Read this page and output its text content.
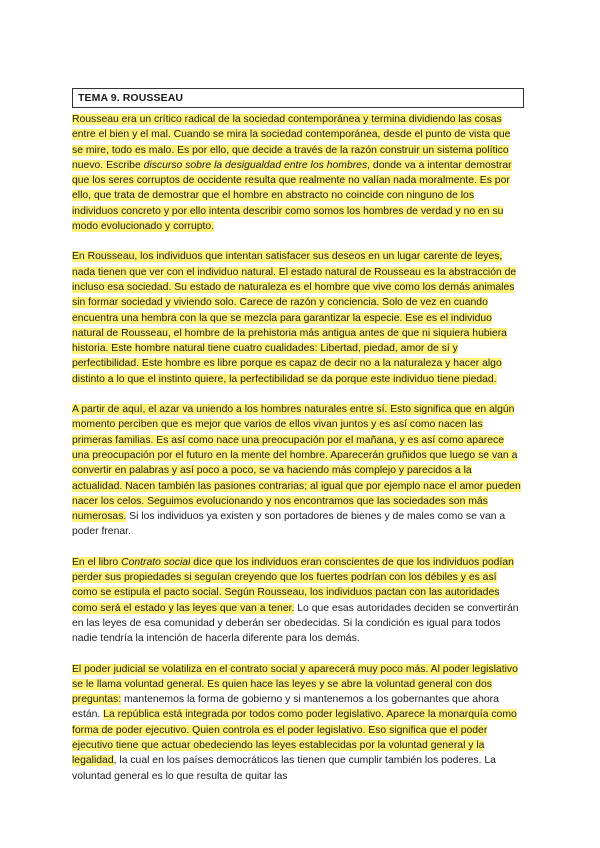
TEMA 9. ROUSSEAU

Rousseau era un crítico radical de la sociedad contemporánea y termina dividiendo las cosas entre el bien y el mal. Cuando se mira la sociedad contemporánea, desde el punto de vista que se mire, todo es malo. Es por ello, que decide a través de la razón construir un sistema político nuevo. Escribe discurso sobre la desigualdad entre los hombres, donde va a intentar demostrar que los seres corruptos de occidente resulta que realmente no valían nada moralmente. Es por ello, que trata de demostrar que el hombre en abstracto no coincide con ninguno de los individuos concreto y por ello intenta describir como somos los hombres de verdad y no en su modo evolucionado y corrupto.

En Rousseau, los individuos que intentan satisfacer sus deseos en un lugar carente de leyes, nada tienen que ver con el individuo natural. El estado natural de Rousseau es la abstracción de incluso esa sociedad. Su estado de naturaleza es el hombre que vive como los demás animales sin formar sociedad y viviendo solo. Carece de razón y conciencia. Solo de vez en cuando encuentra una hembra con la que se mezcla para garantizar la especie. Ese es el individuo natural de Rousseau, el hombre de la prehistoria más antigua antes de que ni siquiera hubiera historia. Este hombre natural tiene cuatro cualidades: Libertad, piedad, amor de sí y perfectibilidad. Este hombre es libre porque es capaz de decir no a la naturaleza y hacer algo distinto a lo que el instinto quiere, la perfectibilidad se da porque este individuo tiene piedad.

A partir de aquí, el azar va uniendo a los hombres naturales entre sí. Esto significa que en algún momento perciben que es mejor que varios de ellos vivan juntos y es así como nacen las primeras familias. Es así como nace una preocupación por el mañana, y es así como aparece una preocupación por el futuro en la mente del hombre. Aparecerán gruñidos que luego se van a convertir en palabras y así poco a poco, se va haciendo más complejo y parecidos a la actualidad. Nacen también las pasiones contrarias; al igual que por ejemplo nace el amor pueden nacer los celos. Seguimos evolucionando y nos encontramos que las sociedades son más numerosas. Si los individuos ya existen y son portadores de bienes y de males como se van a poder frenar.

En el libro Contrato social dice que los individuos eran conscientes de que los individuos podían perder sus propiedades si seguían creyendo que los fuertes podrían con los débiles y es así como se estipula el pacto social. Según Rousseau, los individuos pactan con las autoridades como será el estado y las leyes que van a tener. Lo que esas autoridades deciden se convertirán en las leyes de esa comunidad y deberán ser obedecidas. Si la condición es igual para todos nadie tendría la intención de hacerla diferente para los demás.

El poder judicial se volatiliza en el contrato social y aparecerá muy poco más. Al poder legislativo se le llama voluntad general. Es quien hace las leyes y se abre la voluntad general con dos preguntas: mantenemos la forma de gobierno y si mantenemos a los gobernantes que ahora están. La república está integrada por todos como poder legislativo. Aparece la monarquía como forma de poder ejecutivo. Quien controla es el poder legislativo. Eso significa que el poder ejecutivo tiene que actuar obedeciendo las leyes establecidas por la voluntad general y la legalidad, la cual en los países democráticos las tienen que cumplir también los poderes. La voluntad general es lo que resulta de quitar las
